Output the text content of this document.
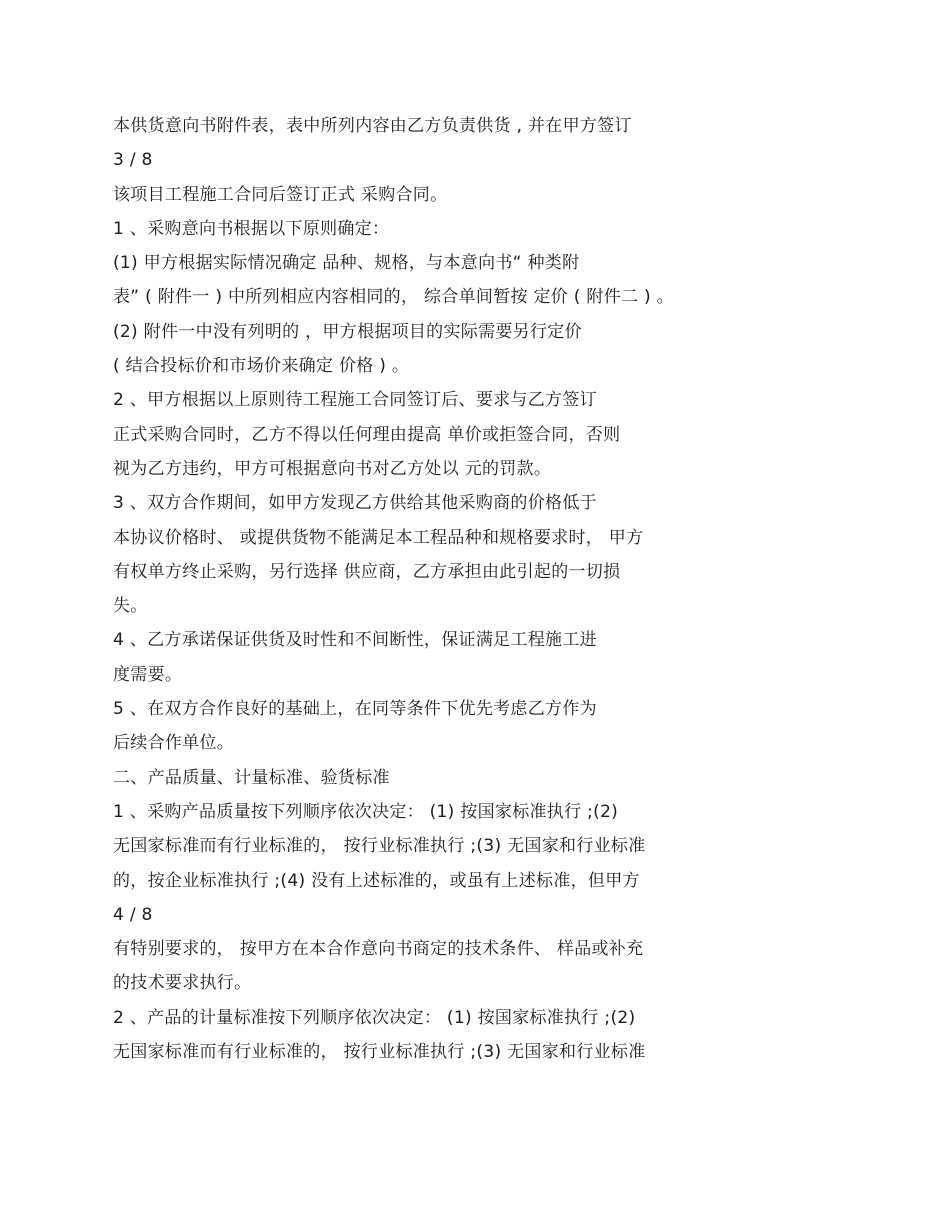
本供货意向书附件表，表中所列内容由乙方负责供货 , 并在甲方签订
3 / 8
该项目工程施工合同后签订正式 采购合同。
1 、采购意向书根据以下原则确定：
(1) 甲方根据实际情况确定 品种、规格，与本意向书“ 种类附
表” ( 附件一 ) 中所列相应内容相同的， 综合单间暂按 定价 ( 附件二 ) 。
(2) 附件一中没有列明的 ，甲方根据项目的实际需要另行定价
( 结合投标价和市场价来确定 价格 ) 。
2 、甲方根据以上原则待工程施工合同签订后、要求与乙方签订
正式采购合同时，乙方不得以任何理由提高 单价或拒签合同，否则
视为乙方违约，甲方可根据意向书对乙方处以 元的罚款。
3 、双方合作期间，如甲方发现乙方供给其他采购商的价格低于
本协议价格时、 或提供货物不能满足本工程品种和规格要求时， 甲方
有权单方终止采购，另行选择 供应商，乙方承担由此引起的一切损
失。
4 、乙方承诺保证供货及时性和不间断性，保证满足工程施工进
度需要。
5 、在双方合作良好的基础上，在同等条件下优先考虑乙方作为
后续合作单位。
二、产品质量、计量标准、验货标准
1 、采购产品质量按下列顺序依次决定： (1) 按国家标准执行 ;(2)
无国家标准而有行业标准的， 按行业标准执行 ;(3) 无国家和行业标准
的，按企业标准执行 ;(4) 没有上述标准的，或虽有上述标准，但甲方
4 / 8
有特别要求的， 按甲方在本合作意向书商定的技术条件、 样品或补充
的技术要求执行。
2 、产品的计量标准按下列顺序依次决定： (1) 按国家标准执行 ;(2)
无国家标准而有行业标准的， 按行业标准执行 ;(3) 无国家和行业标准
